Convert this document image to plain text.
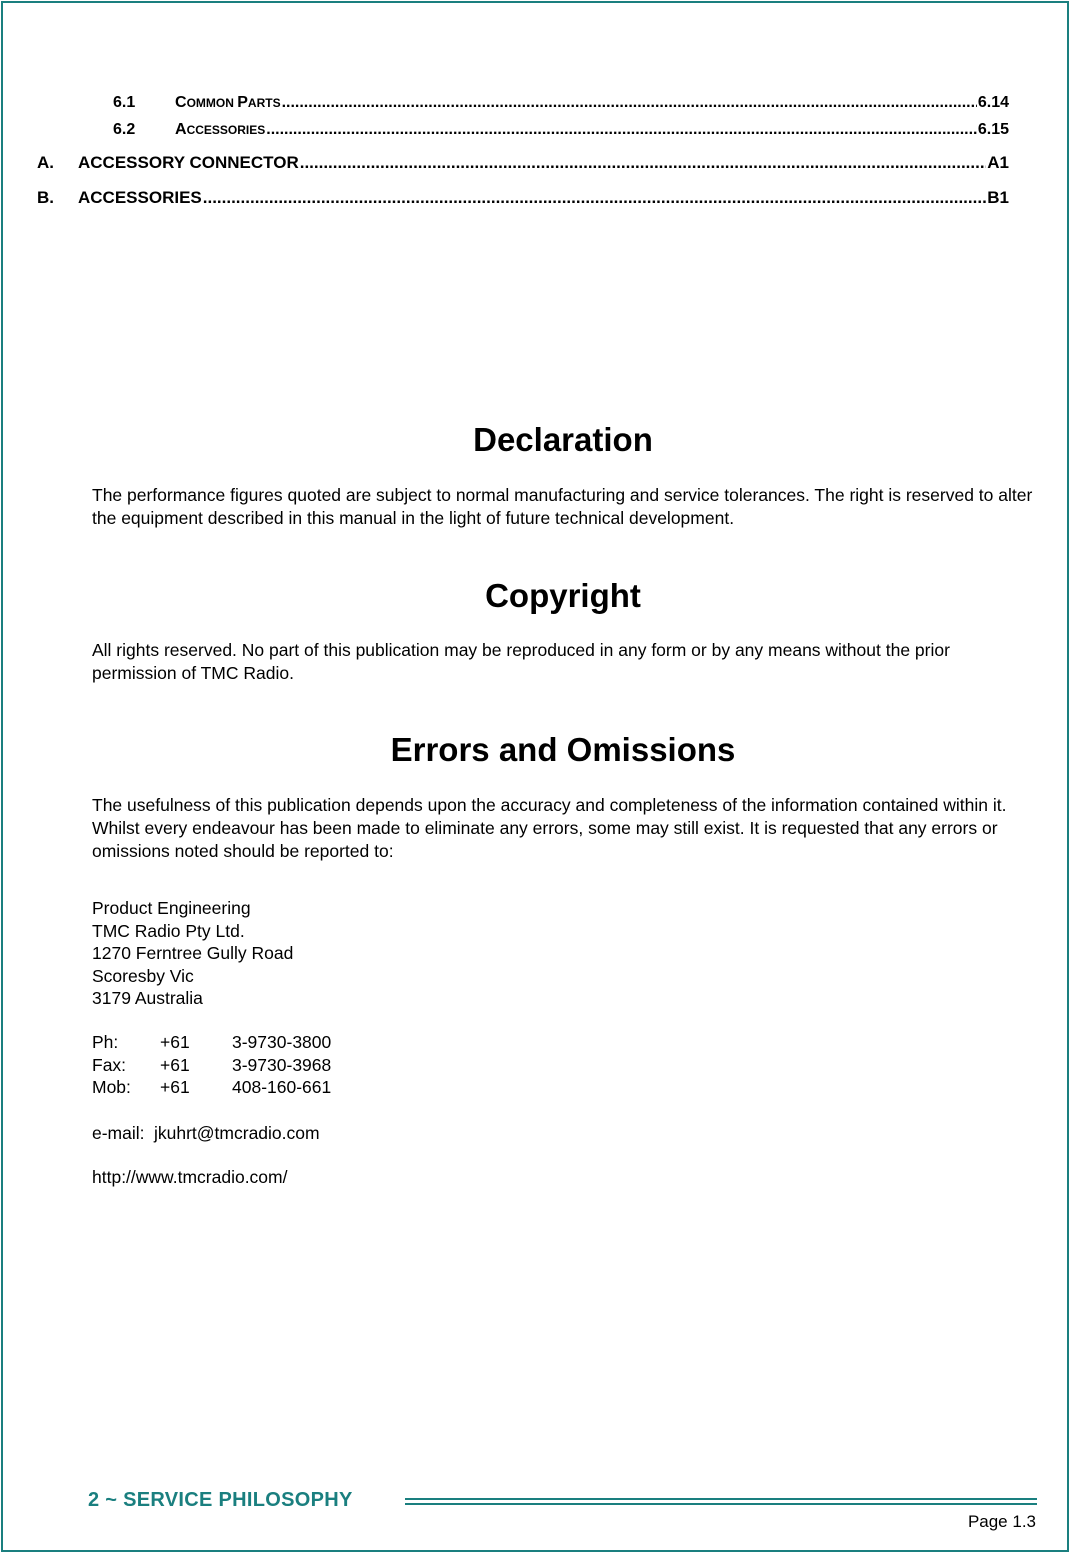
6.1	COMMON PARTS .....	6.14
6.2	ACCESSORIES .....	6.15
A.	ACCESSORY CONNECTOR .....	A1
B.	ACCESSORIES .....	B1
Declaration

The performance figures quoted are subject to normal manufacturing and service tolerances. The right is reserved to alter the equipment described in this manual in the light of future technical development.

Copyright

All rights reserved. No part of this publication may be reproduced in any form or by any means without the prior permission of TMC Radio.

Errors and Omissions

The usefulness of this publication depends upon the accuracy and completeness of the information contained within it. Whilst every endeavour has been made to eliminate any errors, some may still exist. It is requested that any errors or omissions noted should be reported to:

Product Engineering
TMC Radio Pty Ltd.
1270 Ferntree Gully Road
Scoresby Vic
3179 Australia
Ph:	+61	3-9730-3800
Fax:	+61	3-9730-3968
Mob:	+61	408-160-661
e-mail: jkuhrt@tmcradio.com
http://www.tmcradio.com/
2 ~ SERVICE PHILOSOPHY
Page 1.3
